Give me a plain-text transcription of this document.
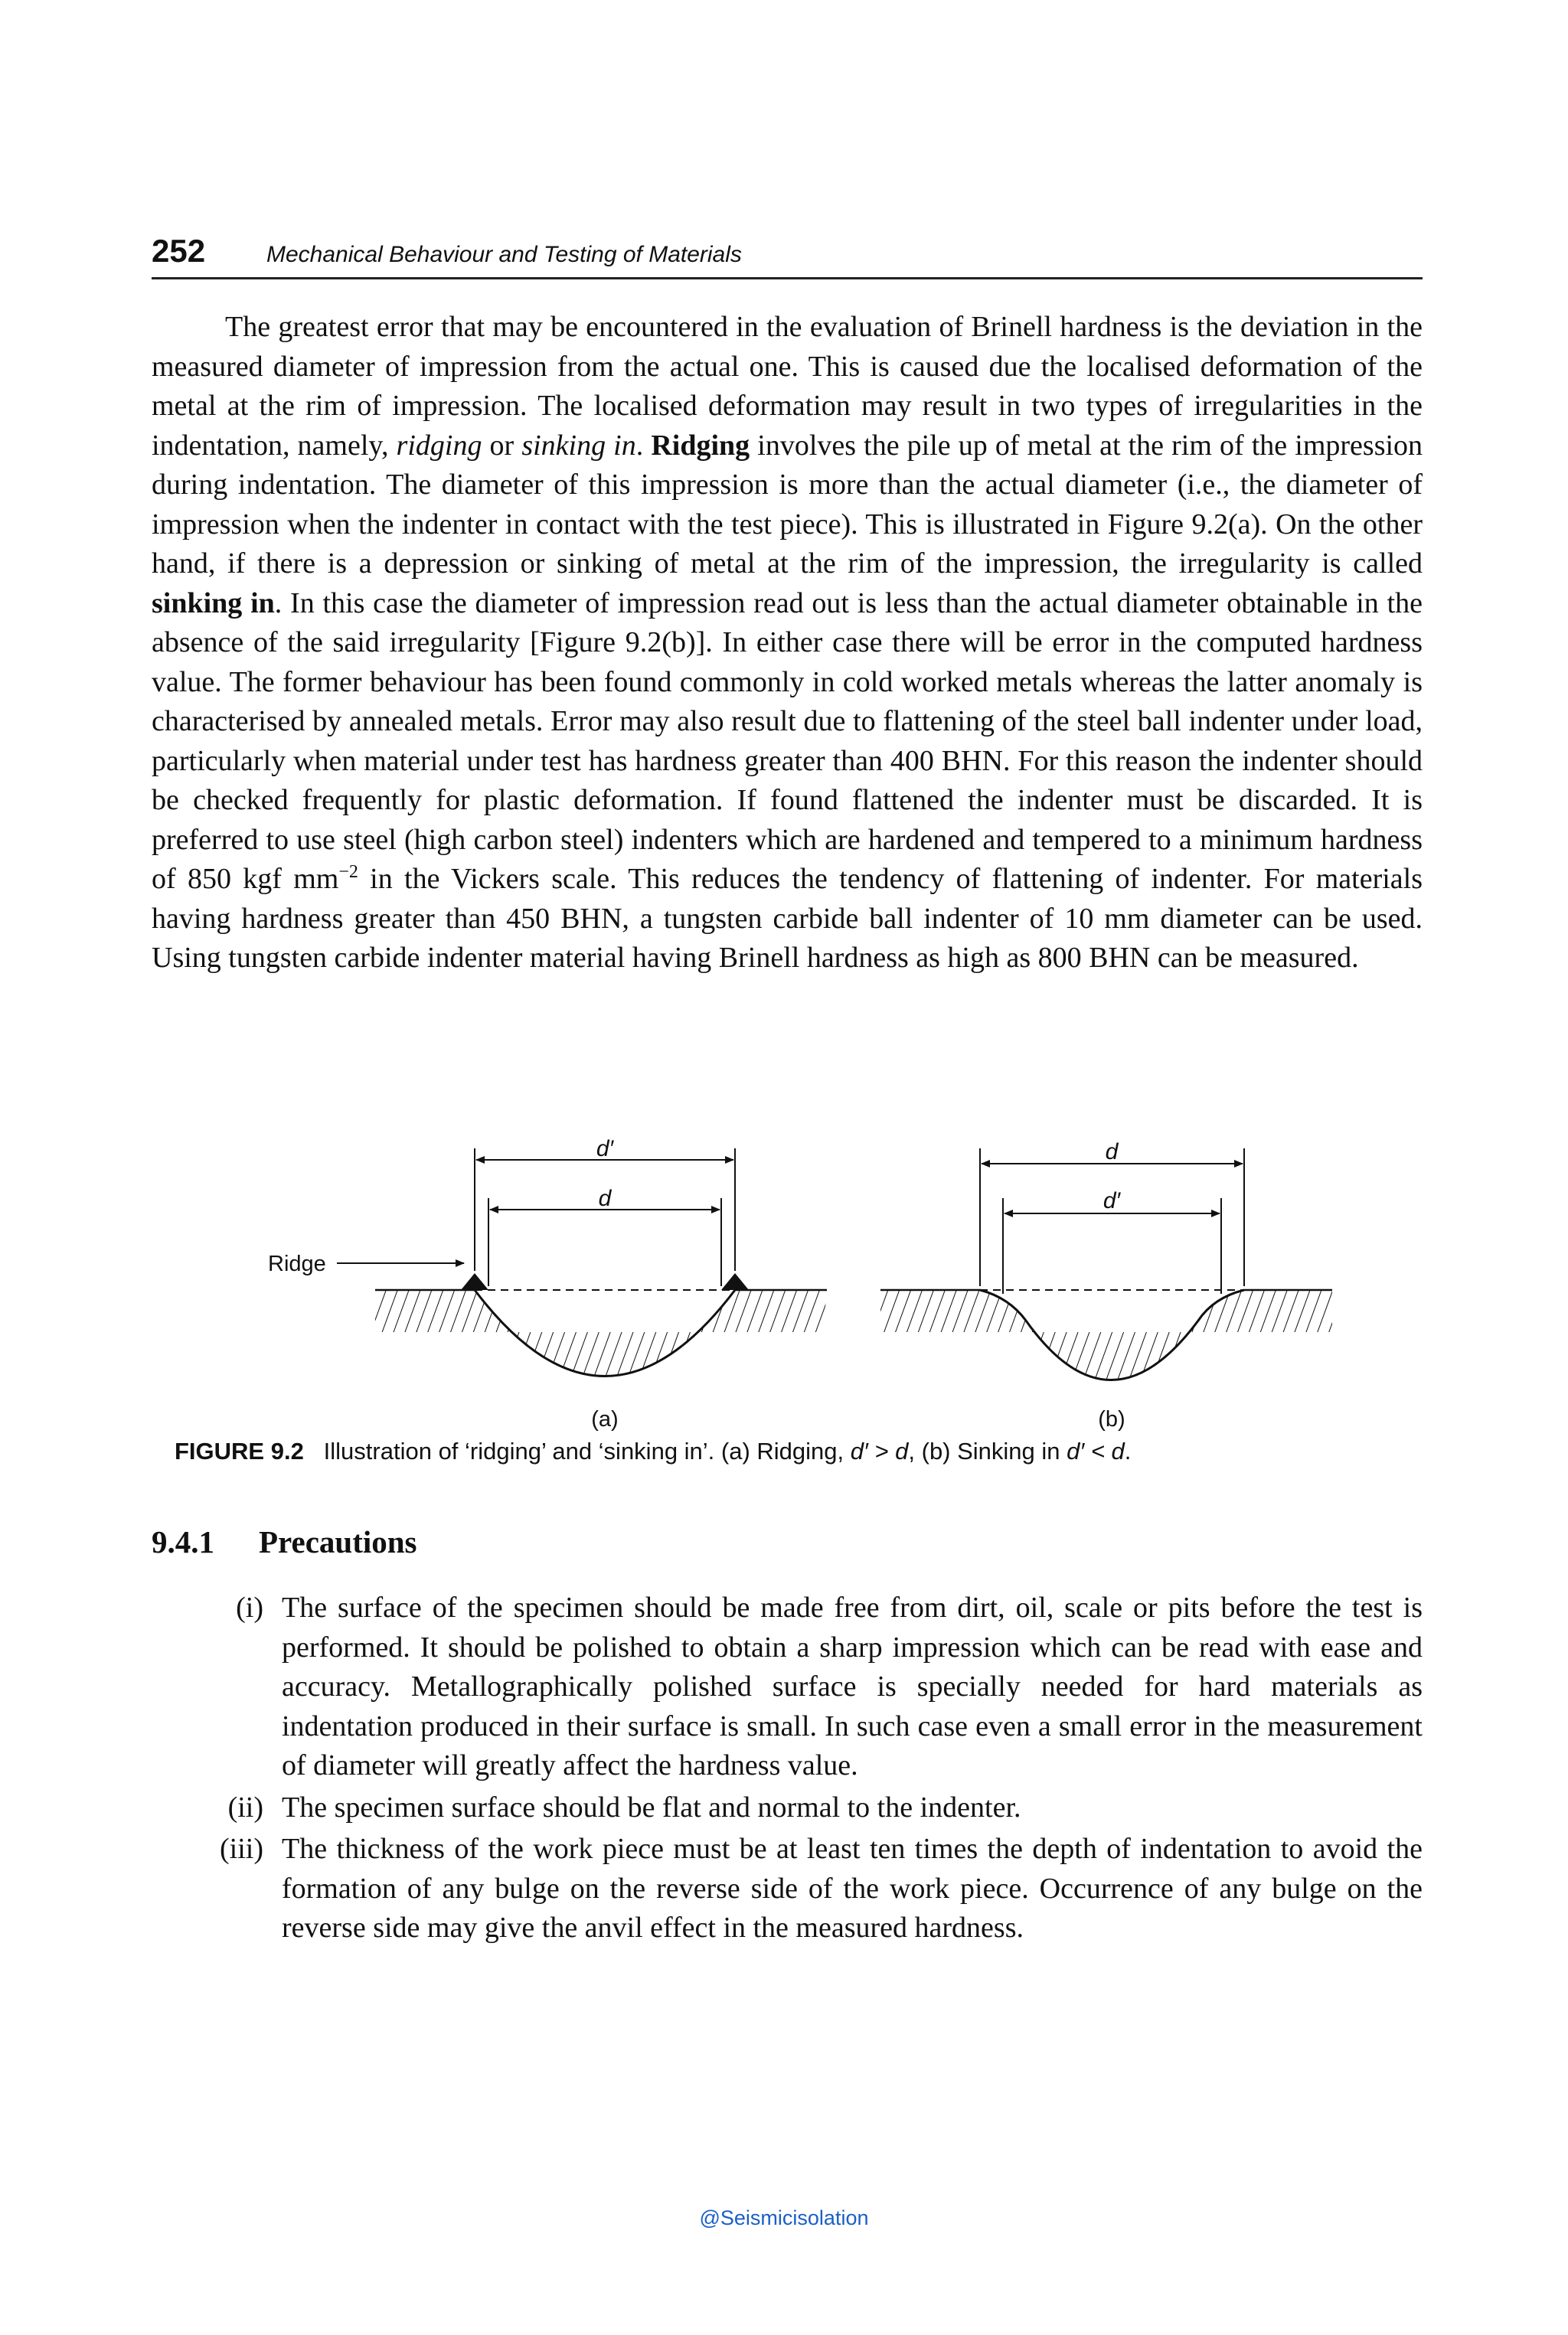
252	Mechanical Behaviour and Testing of Materials

The greatest error that may be encountered in the evaluation of Brinell hardness is the deviation in the measured diameter of impression from the actual one. This is caused due the localised deformation of the metal at the rim of impression. The localised deformation may result in two types of irregularities in the indentation, namely, ridging or sinking in. Ridging involves the pile up of metal at the rim of the impression during indentation. The diameter of this impression is more than the actual diameter (i.e., the diameter of impression when the indenter in contact with the test piece). This is illustrated in Figure 9.2(a). On the other hand, if there is a depression or sinking of metal at the rim of the impression, the irregularity is called sinking in. In this case the diameter of impression read out is less than the actual diameter obtainable in the absence of the said irregularity [Figure 9.2(b)]. In either case there will be error in the computed hardness value. The former behaviour has been found commonly in cold worked metals whereas the latter anomaly is characterised by annealed metals. Error may also result due to flattening of the steel ball indenter under load, particularly when material under test has hardness greater than 400 BHN. For this reason the indenter should be checked frequently for plastic deformation. If found flattened the indenter must be discarded. It is preferred to use steel (high carbon steel) indenters which are hardened and tempered to a minimum hardness of 850 kgf $mm^{-2}$ in the Vickers scale. This reduces the tendency of flattening of indenter. For materials having hardness greater than 450 BHN, a tungsten carbide ball indenter of 10 mm diameter can be used. Using tungsten carbide indenter material having Brinell hardness as high as 800 BHN can be measured.

d′
d
Ridge
(a)
d
d′
(b)
FIGURE 9.2 Illustration of ‘ridging’ and ‘sinking in’. (a) Ridging, d′ > d, (b) Sinking in d′ < d.
9.4.1 Precautions
(i) The surface of the specimen should be made free from dirt, oil, scale or pits before the test is performed. It should be polished to obtain a sharp impression which can be read with ease and accuracy. Metallographically polished surface is specially needed for hard materials as indentation produced in their surface is small. In such case even a small error in the measurement of diameter will greatly affect the hardness value.
(ii) The specimen surface should be flat and normal to the indenter.
(iii) The thickness of the work piece must be at least ten times the depth of indentation to avoid the formation of any bulge on the reverse side of the work piece. Occurrence of any bulge on the reverse side may give the anvil effect in the measured hardness.
@Seismicisolation
